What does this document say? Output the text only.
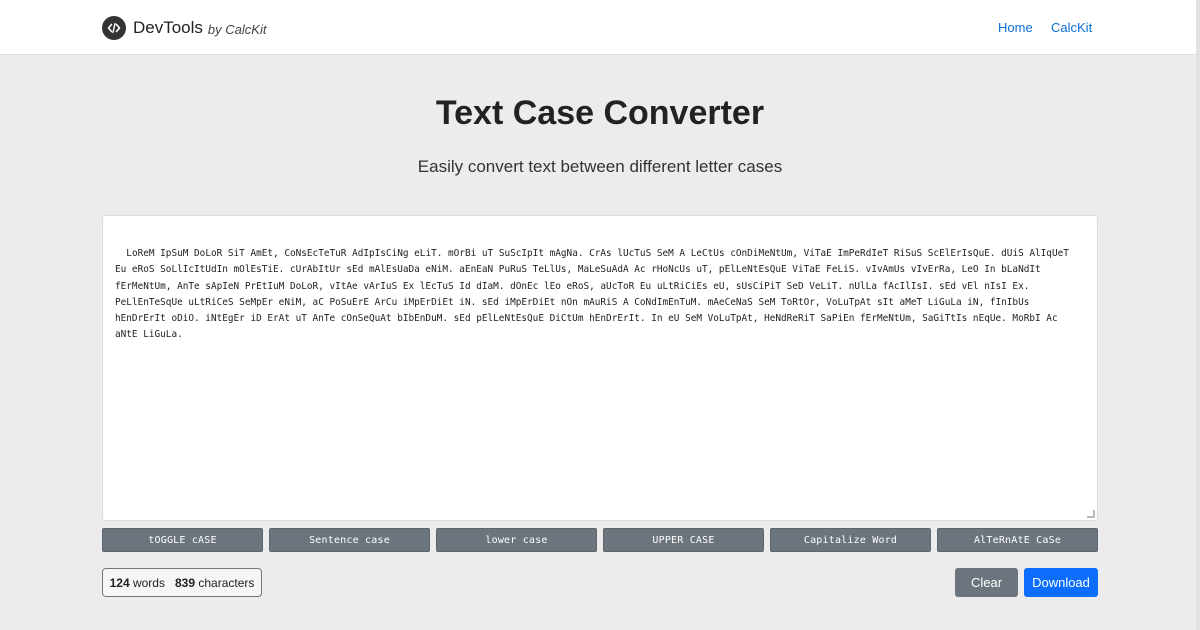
DevTools by CalcKit	Home CalcKit
Text Case Converter

Easily convert text between different letter cases

LoReM IpSuM DoLoR SiT AmEt, CoNsEcTeTuR AdIpIsCiNg eLiT. mOrBi uT SuScIpIt mAgNa. CrAs lUcTuS SeM A LeCtUs cOnDiMeNtUm, ViTaE ImPeRdIeT RiSuS ScElErIsQuE. dUiS AlIqUeT Eu eRoS SoLlIcItUdIn mOlEsTiE. cUrAbItUr sEd mAlEsUaDa eNiM. aEnEaN PuRuS TeLlUs, MaLeSuAdA Ac rHoNcUs uT, pElLeNtEsQuE ViTaE FeLiS. vIvAmUs vIvErRa, LeO In bLaNdIt fErMeNtUm, AnTe sApIeN PrEtIuM DoLoR, vItAe vArIuS Ex lEcTuS Id dIaM. dOnEc lEo eRoS, aUcToR Eu uLtRiCiEs eU, sUsCiPiT SeD VeLiT. nUlLa fAcIlIsI. sEd vEl nIsI Ex. PeLlEnTeSqUe uLtRiCeS SeMpEr eNiM, aC PoSuErE ArCu iMpErDiEt iN. sEd iMpErDiEt nOn mAuRiS A CoNdImEnTuM. mAeCeNaS SeM ToRtOr, VoLuTpAt sIt aMeT LiGuLa iN, fInIbUs hEnDrErIt oDiO. iNtEgEr iD ErAt uT AnTe cOnSeQuAt bIbEnDuM. sEd pElLeNtEsQuE DiCtUm hEnDrErIt. In eU SeM VoLuTpAt, HeNdReRiT SaPiEn fErMeNtUm, SaGiTtIs nEqUe. MoRbI Ac aNtE LiGuLa.

tOGGLE cASE	Sentence case	lower case	UPPER CASE	Capitalize Word	AlTeRnAtE CaSe
124
words 839
characters	Clear	Download
